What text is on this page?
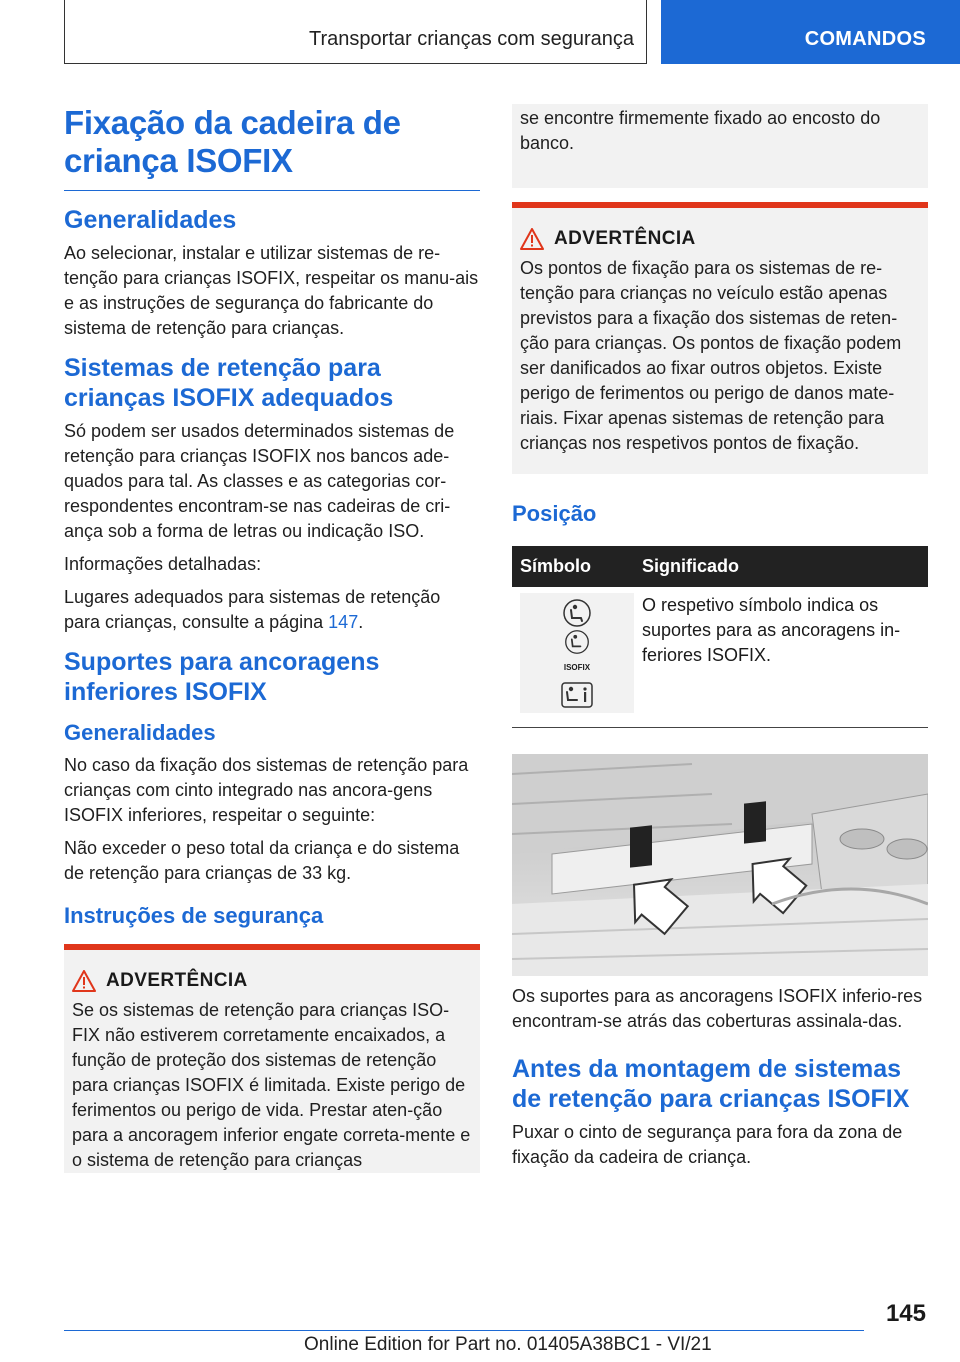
Transportar crianças com segurança	COMANDOS
Fixação da cadeira de criança ISOFIX
Generalidades

Ao selecionar, instalar e utilizar sistemas de re-tenção para crianças ISOFIX, respeitar os manu-ais e as instruções de segurança do fabricante do sistema de retenção para crianças.

Sistemas de retenção para crianças ISOFIX adequados

Só podem ser usados determinados sistemas de retenção para crianças ISOFIX nos bancos ade-quados para tal. As classes e as categorias cor-respondentes encontram-se nas cadeiras de cri-ança sob a forma de letras ou indicação ISO.

Informações detalhadas:

Lugares adequados para sistemas de retenção para crianças, consulte a página 147.

Suportes para ancoragens inferiores ISOFIX
Generalidades

No caso da fixação dos sistemas de retenção para crianças com cinto integrado nas ancora-gens ISOFIX inferiores, respeitar o seguinte:

Não exceder o peso total da criança e do sistema de retenção para crianças de 33 kg.

Instruções de segurança
ADVERTÊNCIA

Se os sistemas de retenção para crianças ISO-FIX não estiverem corretamente encaixados, a função de proteção dos sistemas de retenção para crianças ISOFIX é limitada. Existe perigo de ferimentos ou perigo de vida. Prestar aten-ção para a ancoragem inferior engate correta-mente e o sistema de retenção para crianças

se encontre firmemente fixado ao encosto do banco.

ADVERTÊNCIA

Os pontos de fixação para os sistemas de re-tenção para crianças no veículo estão apenas previstos para a fixação dos sistemas de reten-ção para crianças. Os pontos de fixação podem ser danificados ao fixar outros objetos. Existe perigo de ferimentos ou perigo de danos mate-riais. Fixar apenas sistemas de retenção para crianças nos respetivos pontos de fixação.

Posição
Símbolo	Significado

ISOFIX	O respetivo símbolo indica os suportes para as ancoragens in-feriores ISOFIX.

Os suportes para as ancoragens ISOFIX inferio-res encontram-se atrás das coberturas assinala-das.

Antes da montagem de sistemas de retenção para crianças ISOFIX

Puxar o cinto de segurança para fora da zona de fixação da cadeira de criança.

145
Online Edition for Part no. 01405A38BC1 - VI/21
